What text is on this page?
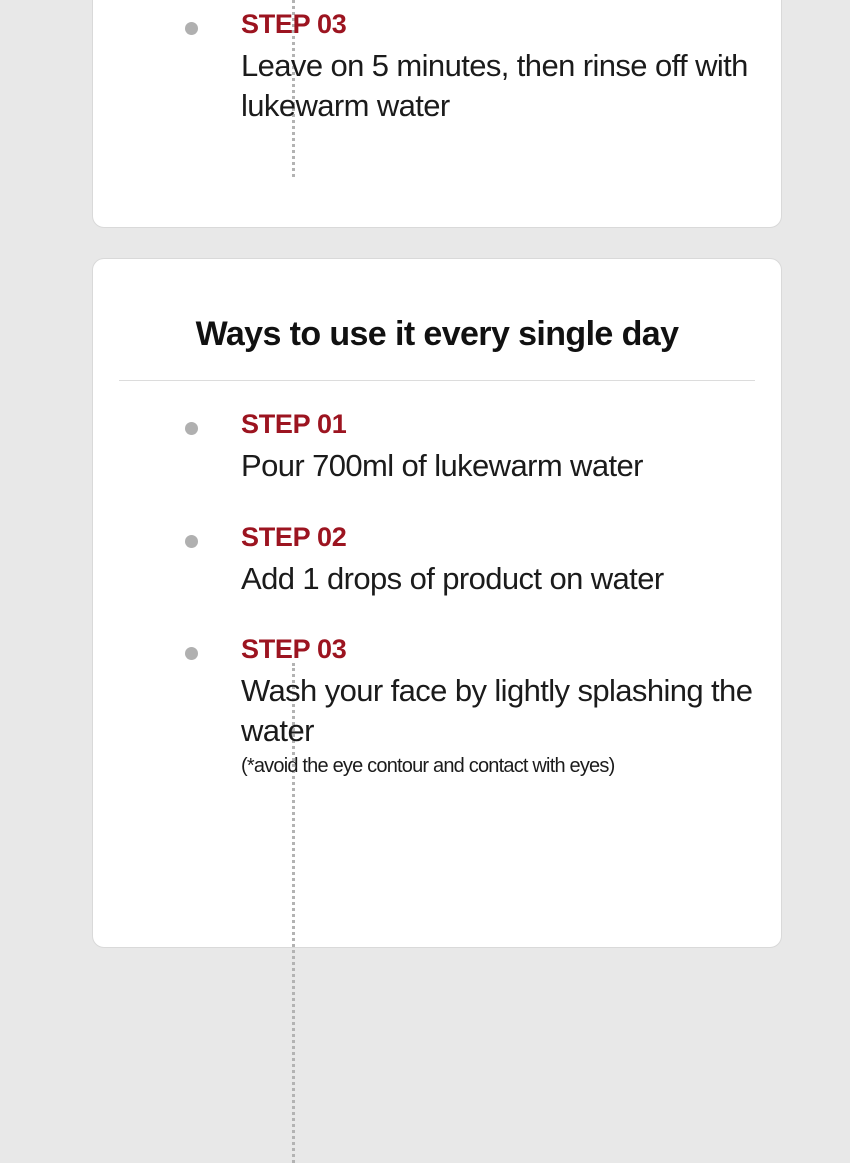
STEP 03

Leave on 5 minutes, then rinse off with lukewarm water

Ways to use it every single day

STEP 01

Pour 700ml of lukewarm water

STEP 02

Add 1 drops of product on water

STEP 03

Wash your face by lightly splashing the water

(*avoid the eye contour and contact with eyes)
